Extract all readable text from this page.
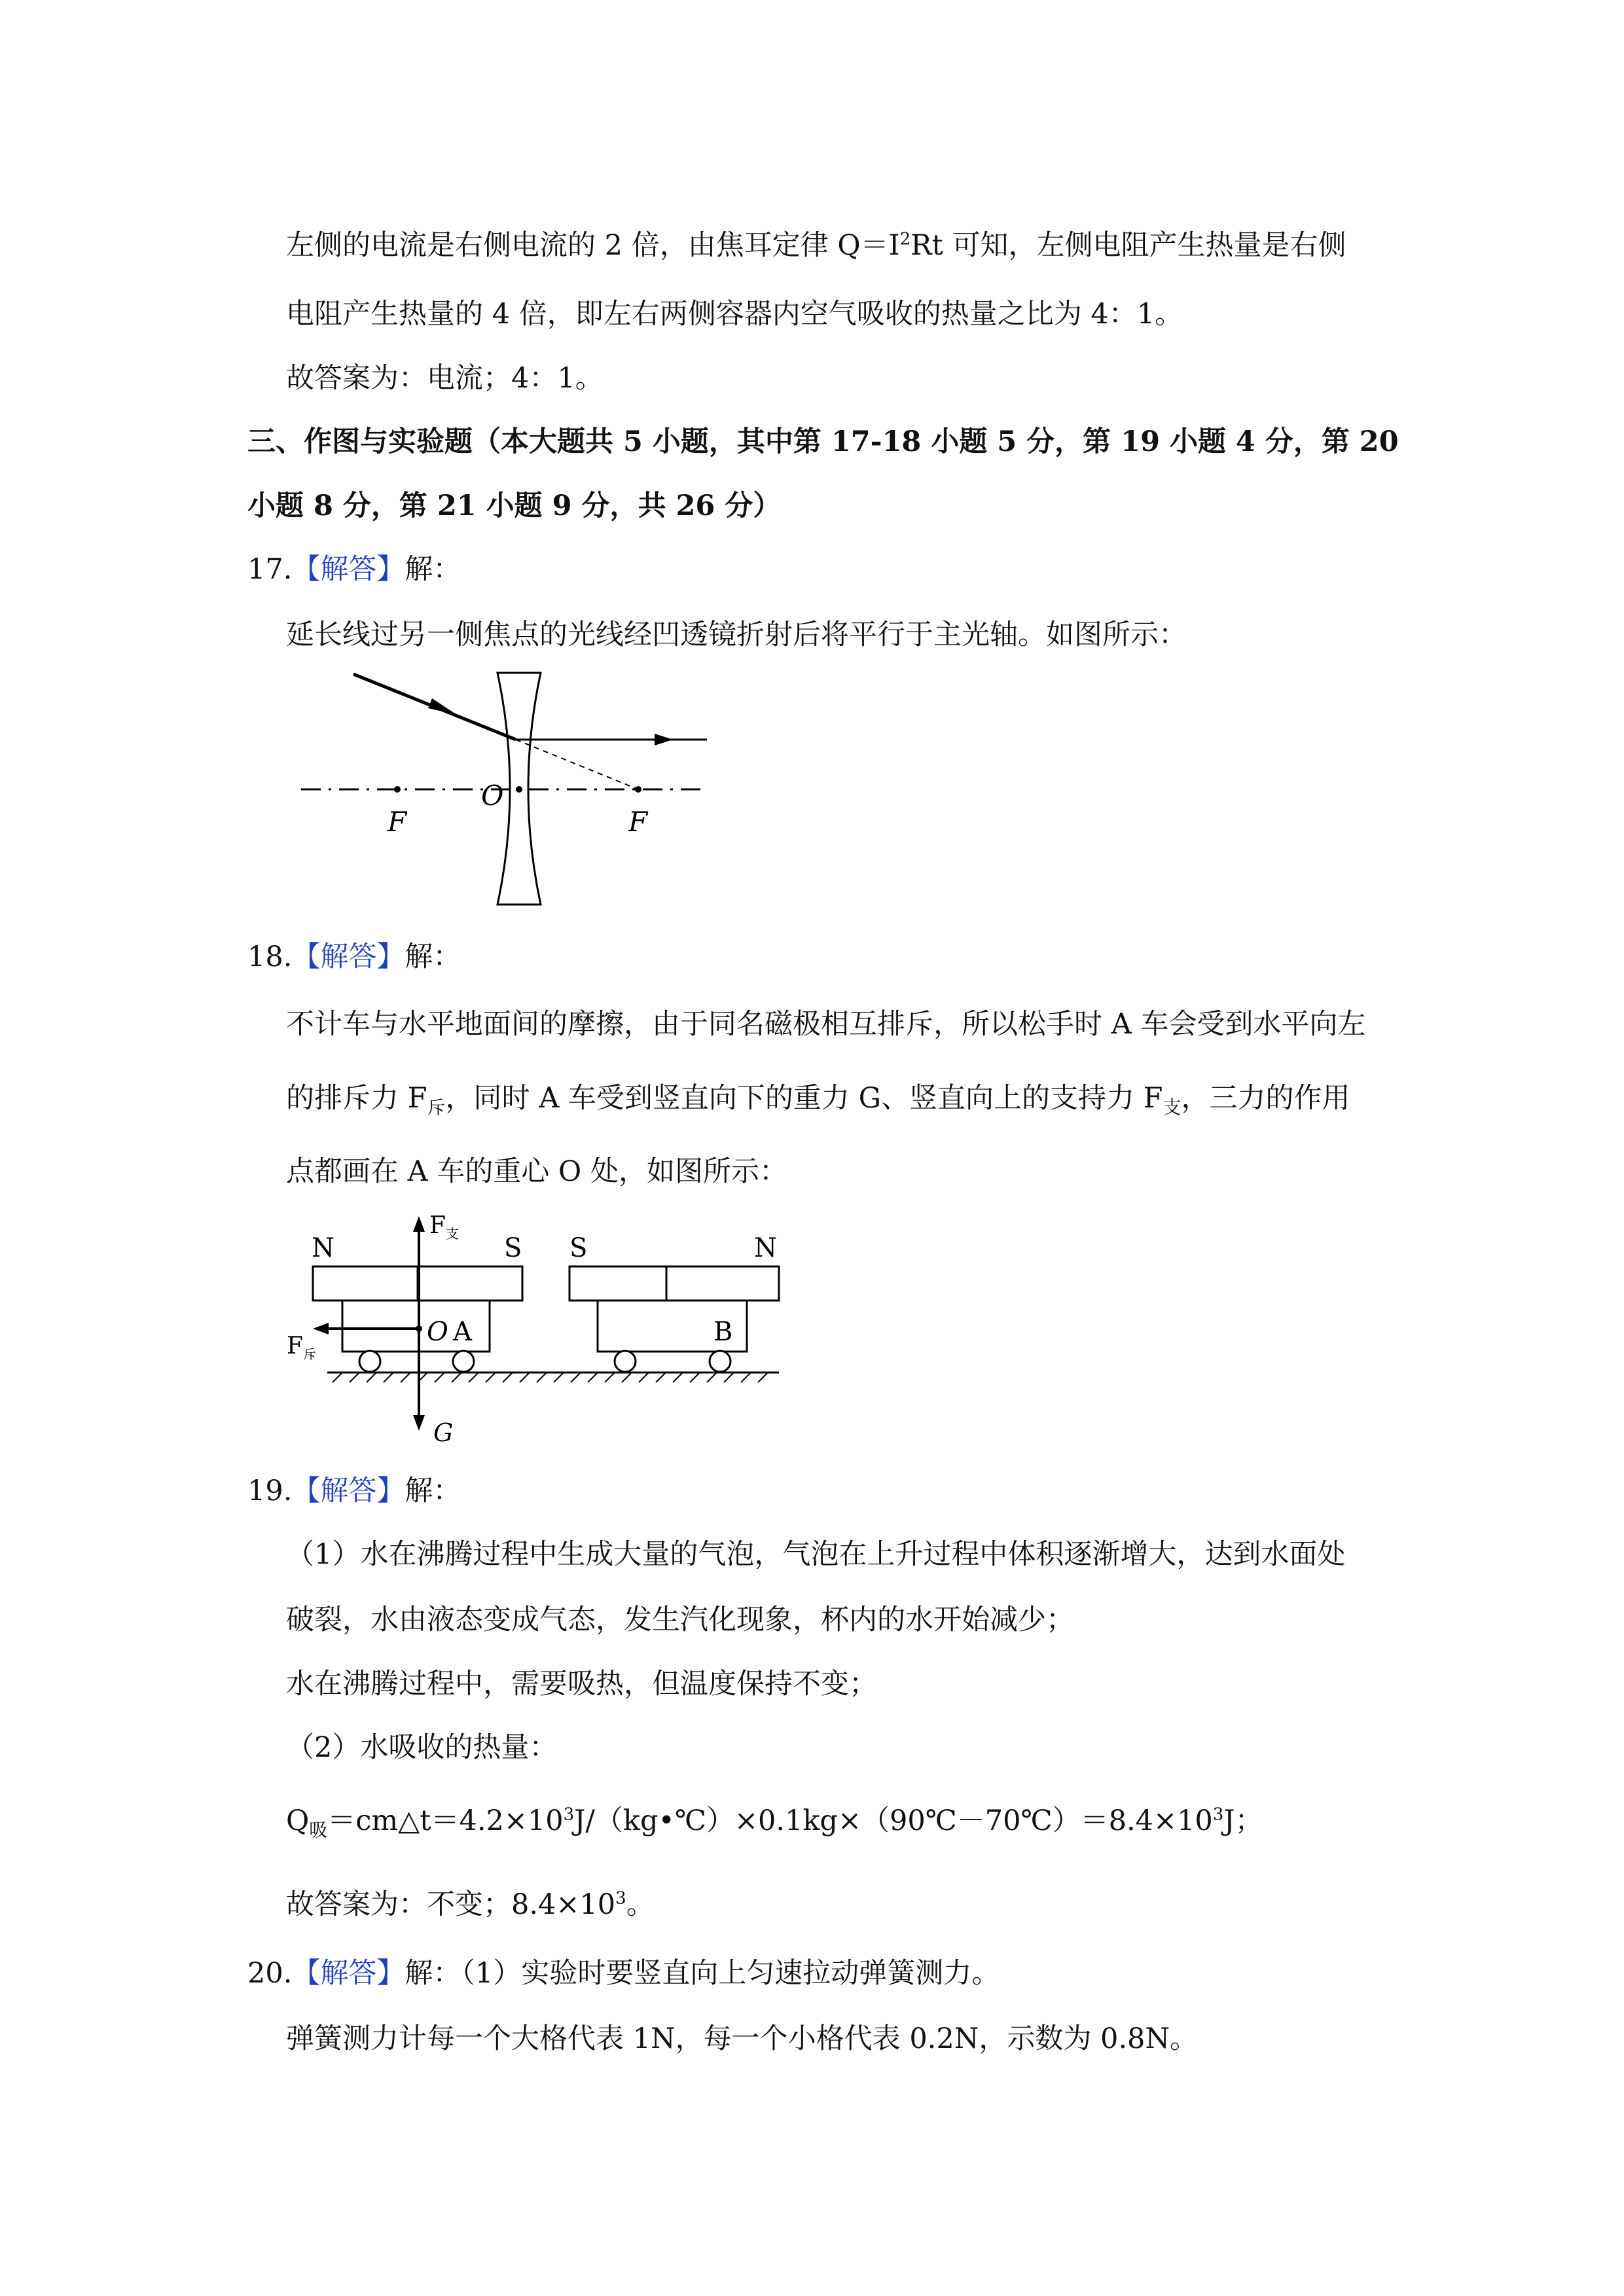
左侧的电流是右侧电流的 2 倍，由焦耳定律 $Q=I^2Rt$ 可知，左侧电阻产生热量是右侧
电阻产生热量的 4 倍，即左右两侧容器内空气吸收的热量之比为 4：1。
故答案为：电流；4：1。
三、作图与实验题（本大题共 5 小题，其中第 17-18 小题 5 分，第 19 小题 4 分，第 20
小题 8 分，第 21 小题 9 分，共 26 分）
17.【解答】解：
延长线过另一侧焦点的光线经凹透镜折射后将平行于主光轴。如图所示：
F
O
F
18.【解答】解：
不计车与水平地面间的摩擦，由于同名磁极相互排斥，所以松手时 A 车会受到水平向左
的排斥力 $F_斥$，同时 A 车受到竖直向下的重力 G、竖直向上的支持力 $F_支$，三力的作用
点都画在 A 车的重心 O 处，如图所示：
N	S S	N
$F_支$
$F_斥$
O A	B
G
19.【解答】解：
（1）水在沸腾过程中生成大量的气泡，气泡在上升过程中体积逐渐增大，达到水面处
破裂，水由液态变成气态，发生汽化现象，杯内的水开始减少；
水在沸腾过程中，需要吸热，但温度保持不变；
（2）水吸收的热量：
$Q_吸=cm\triangle t=4.2\times 10^3J/(kg•℃)\times 0.1kg\times(90℃-70℃)=8.4\times 10^3J$；
故答案为：不变；$8.4\times 10^3$。
20.【解答】解：（1）实验时要竖直向上匀速拉动弹簧测力。
弹簧测力计每一个大格代表 1N，每一个小格代表 0.2N，示数为 0.8N。
